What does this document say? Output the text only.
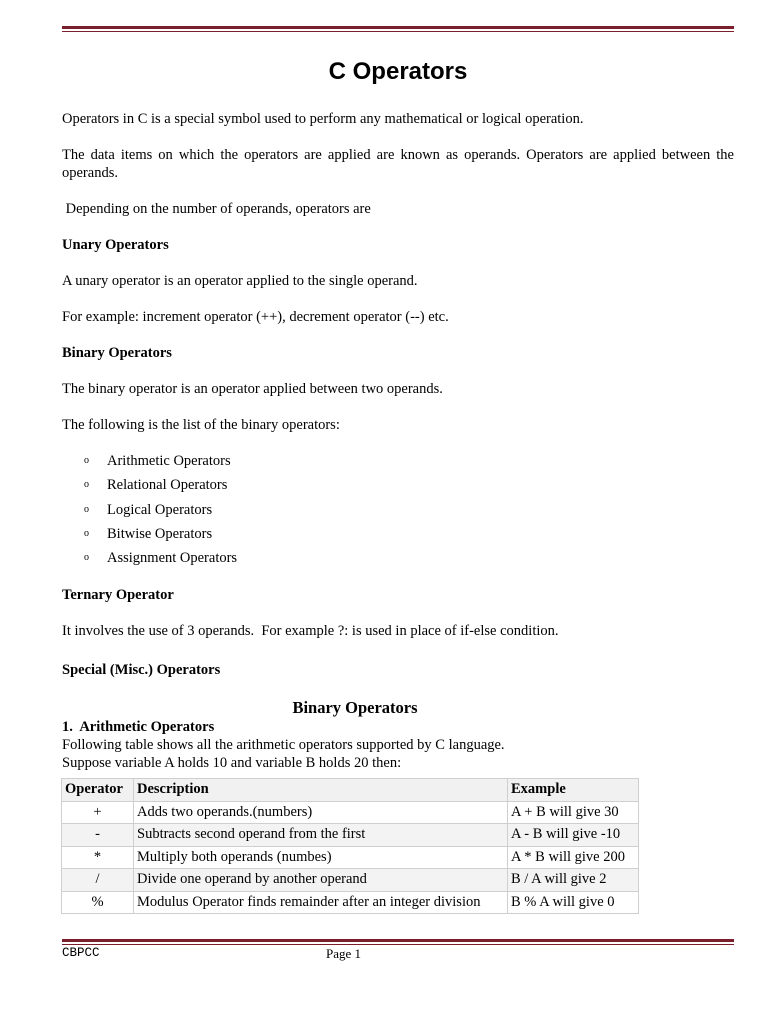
C Operators
Operators in C is a special symbol used to perform any mathematical or logical operation.
The data items on which the operators are applied are known as operands. Operators are applied between the operands.
Depending on the number of operands, operators are
Unary Operators
A unary operator is an operator applied to the single operand.
For example: increment operator (++), decrement operator (--) etc.
Binary Operators
The binary operator is an operator applied between two operands.
The following is the list of the binary operators:
o	Arithmetic Operators
o	Relational Operators
o	Logical Operators
o	Bitwise Operators
o	Assignment Operators
Ternary Operator
It involves the use of 3 operands.  For example ?: is used in place of if-else condition.
Special (Misc.) Operators
Binary Operators
1.  Arithmetic Operators
Following table shows all the arithmetic operators supported by C language.
Suppose variable A holds 10 and variable B holds 20 then:
Operator	Description	Example
+	Adds two operands.(numbers)	A + B will give 30
-	Subtracts second operand from the first	A - B will give -10
*	Multiply both operands (numbes)	A * B will give 200
/	Divide one operand by another operand	B / A will give 2
%	Modulus Operator finds remainder after an integer division	B % A will give 0
CBPCC	Page 1
